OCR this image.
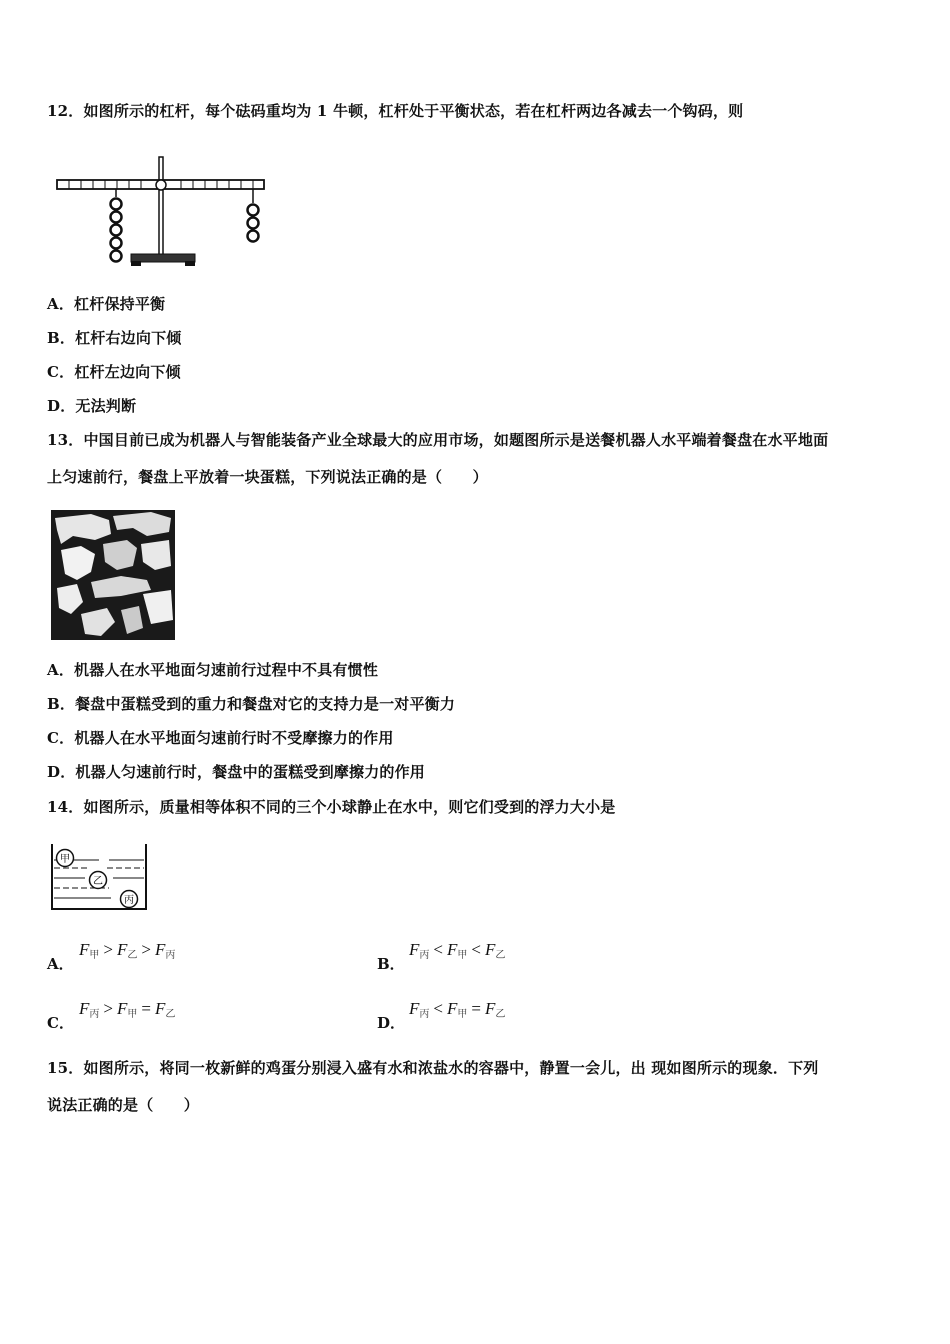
12．如图所示的杠杆，每个砝码重均为 1 牛顿，杠杆处于平衡状态，若在杠杆两边各减去一个钩码，则
A．杠杆保持平衡
B．杠杆右边向下倾
C．杠杆左边向下倾
D．无法判断
13．中国目前已成为机器人与智能装备产业全球最大的应用市场，如题图所示是送餐机器人水平端着餐盘在水平地面
上匀速前行，餐盘上平放着一块蛋糕，下列说法正确的是（　　）
A．机器人在水平地面匀速前行过程中不具有惯性
B．餐盘中蛋糕受到的重力和餐盘对它的支持力是一对平衡力
C．机器人在水平地面匀速前行时不受摩擦力的作用
D．机器人匀速前行时，餐盘中的蛋糕受到摩擦力的作用
14．如图所示，质量相等体积不同的三个小球静止在水中，则它们受到的浮力大小是
甲
乙
丙
A．
$F_甲 > F_乙 > F_丙$	B．
$F_丙 < F_甲 < F_乙$
C．
$F_丙 > F_甲 = F_乙$	D．
$F_丙 < F_甲 = F_乙$
15．如图所示，将同一枚新鲜的鸡蛋分别浸入盛有水和浓盐水的容器中，静置一会儿，出 现如图所示的现象．下列
说法正确的是（　　）
